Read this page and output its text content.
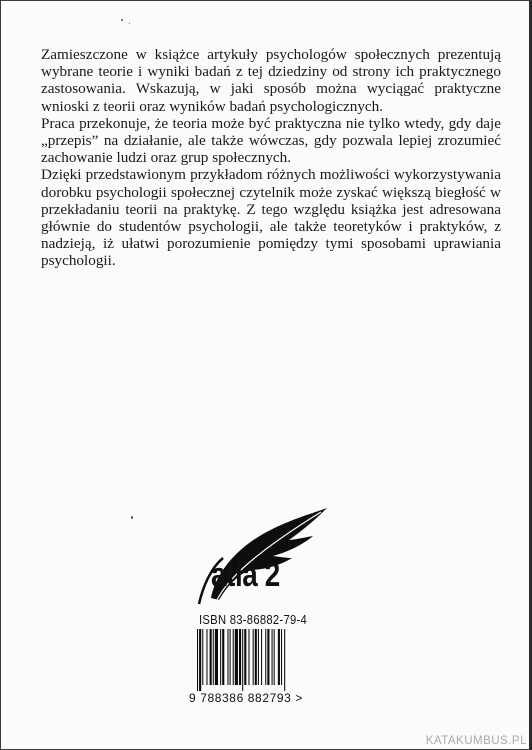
Zamieszczone w książce artykuły psychologów społecznych prezentują wybrane teorie i wyniki badań z tej dziedziny od strony ich praktycznego zastosowania. Wskazują, w jaki sposób można wyciągać praktyczne wnioski z teorii oraz wyników badań psychologicznych.

Praca przekonuje, że teoria może być praktyczna nie tylko wtedy, gdy daje „przepis” na działanie, ale także wówczas, gdy pozwala lepiej zrozumieć zachowanie ludzi oraz grup społecznych.

Dzięki przedstawionym przykładom różnych możliwości wykorzystywania dorobku psychologii społecznej czytelnik może zyskać większą biegłość w przekładaniu teorii na praktykę. Z tego względu książka jest adresowana głównie do studentów psychologii, ale także teoretyków i praktyków, z nadzieją, iż ułatwi porozumienie pomiędzy tymi sposobami uprawiania psychologii.

atla 2
ISBN 83-86882-79-4
9 788386 882793 >
KATAKUMBUS.PL
